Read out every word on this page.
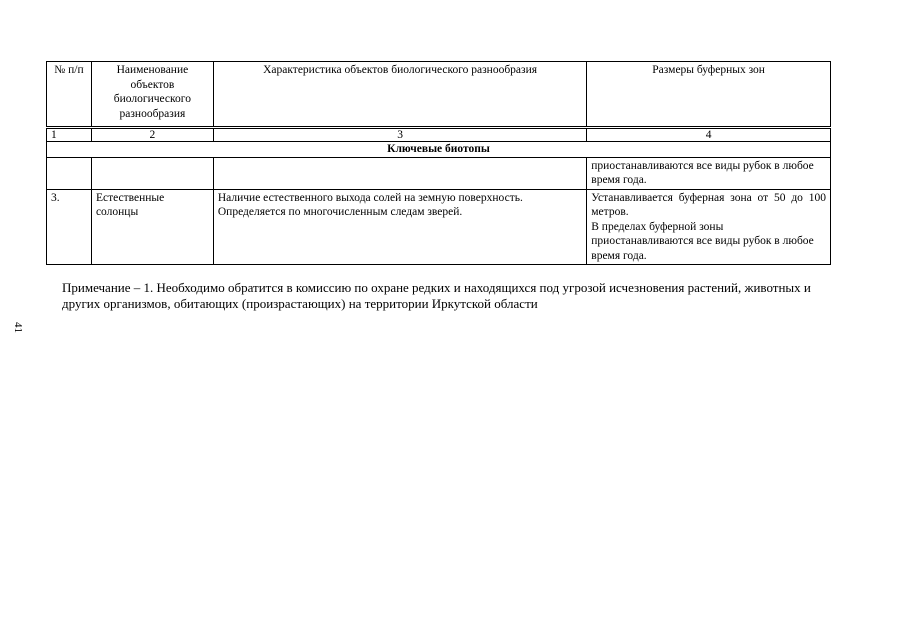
41
№ п/п	Наименование объектов биологического разнообразия	Характеристика объектов биологического разнообразия	Размеры буферных зон
1	2	3	4
Ключевые биотопы			
			приостанавливаются все виды рубок в любое время года.
3.	Естественные солонцы	Наличие естественного выхода солей на земную поверхность. Определяется по многочисленным следам зверей.	Устанавливается буферная зона от 50 до 100 метров.
В пределах буферной зоны приостанавливаются все виды рубок в любое время года.
Примечание – 1. Необходимо обратится в комиссию по охране редких и находящихся под угрозой исчезновения растений, животных и других организмов, обитающих (произрастающих) на территории Иркутской области
